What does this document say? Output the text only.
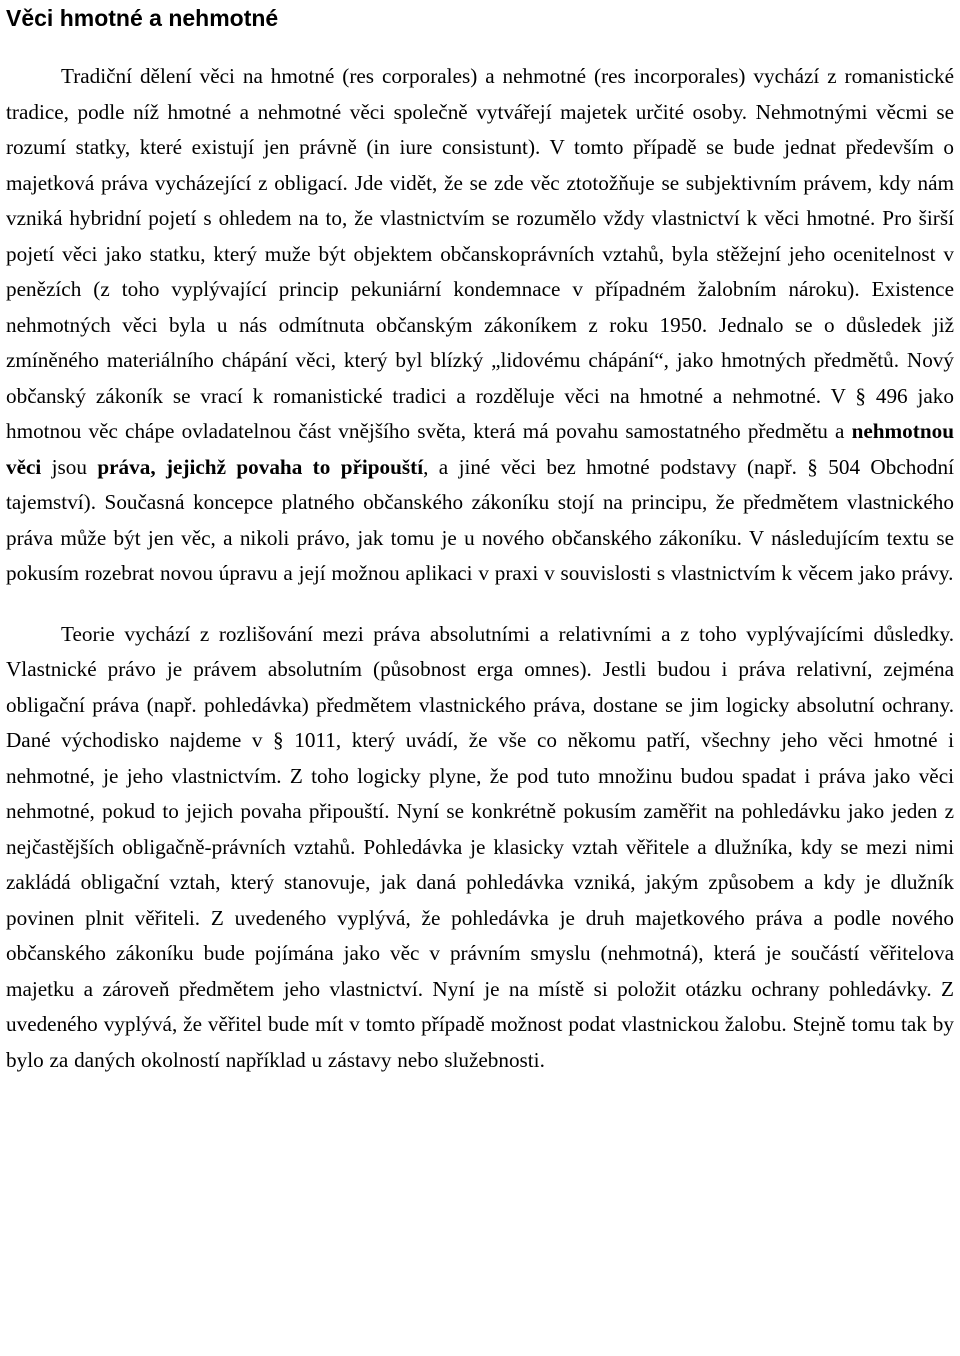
Věci hmotné a nehmotné

Tradiční dělení věci na hmotné (res corporales) a nehmotné (res incorporales) vychází z romanistické tradice, podle níž hmotné a nehmotné věci společně vytvářejí majetek určité osoby. Nehmotnými věcmi se rozumí statky, které existují jen právně (in iure consistunt). V tomto případě se bude jednat především o majetková práva vycházející z obligací. Jde vidět, že se zde věc ztotožňuje se subjektivním právem, kdy nám vzniká hybridní pojetí s ohledem na to, že vlastnictvím se rozumělo vždy vlastnictví k věci hmotné. Pro širší pojetí věci jako statku, který muže být objektem občanskoprávních vztahů, byla stěžejní jeho ocenitelnost v penězích (z toho vyplývající princip pekuniární kondemnace v případném žalobním nároku). Existence nehmotných věci byla u nás odmítnuta občanským zákoníkem z roku 1950. Jednalo se o důsledek již zmíněného materiálního chápání věci, který byl blízký „lidovému chápání“, jako hmotných předmětů. Nový občanský zákoník se vrací k romanistické tradici a rozděluje věci na hmotné a nehmotné. V § 496 jako hmotnou věc chápe ovladatelnou část vnějšího světa, která má povahu samostatného předmětu a nehmotnou věci jsou práva, jejichž povaha to připouští, a jiné věci bez hmotné podstavy (např. § 504 Obchodní tajemství). Současná koncepce platného občanského zákoníku stojí na principu, že předmětem vlastnického práva může být jen věc, a nikoli právo, jak tomu je u nového občanského zákoníku. V následujícím textu se pokusím rozebrat novou úpravu a její možnou aplikaci v praxi v souvislosti s vlastnictvím k věcem jako právy.

Teorie vychází z rozlišování mezi práva absolutními a relativními a z toho vyplývajícími důsledky. Vlastnické právo je právem absolutním (působnost erga omnes). Jestli budou i práva relativní, zejména obligační práva (např. pohledávka) předmětem vlastnického práva, dostane se jim logicky absolutní ochrany. Dané východisko najdeme v § 1011, který uvádí, že vše co někomu patří, všechny jeho věci hmotné i nehmotné, je jeho vlastnictvím. Z toho logicky plyne, že pod tuto množinu budou spadat i práva jako věci nehmotné, pokud to jejich povaha připouští. Nyní se konkrétně pokusím zaměřit na pohledávku jako jeden z nejčastějších obligačně-právních vztahů. Pohledávka je klasicky vztah věřitele a dlužníka, kdy se mezi nimi zakládá obligační vztah, který stanovuje, jak daná pohledávka vzniká, jakým způsobem a kdy je dlužník povinen plnit věřiteli. Z uvedeného vyplývá, že pohledávka je druh majetkového práva a podle nového občanského zákoníku bude pojímána jako věc v právním smyslu (nehmotná), která je součástí věřitelova majetku a zároveň předmětem jeho vlastnictví. Nyní je na místě si položit otázku ochrany pohledávky. Z uvedeného vyplývá, že věřitel bude mít v tomto případě možnost podat vlastnickou žalobu. Stejně tomu tak by bylo za daných okolností například u zástavy nebo služebnosti.
